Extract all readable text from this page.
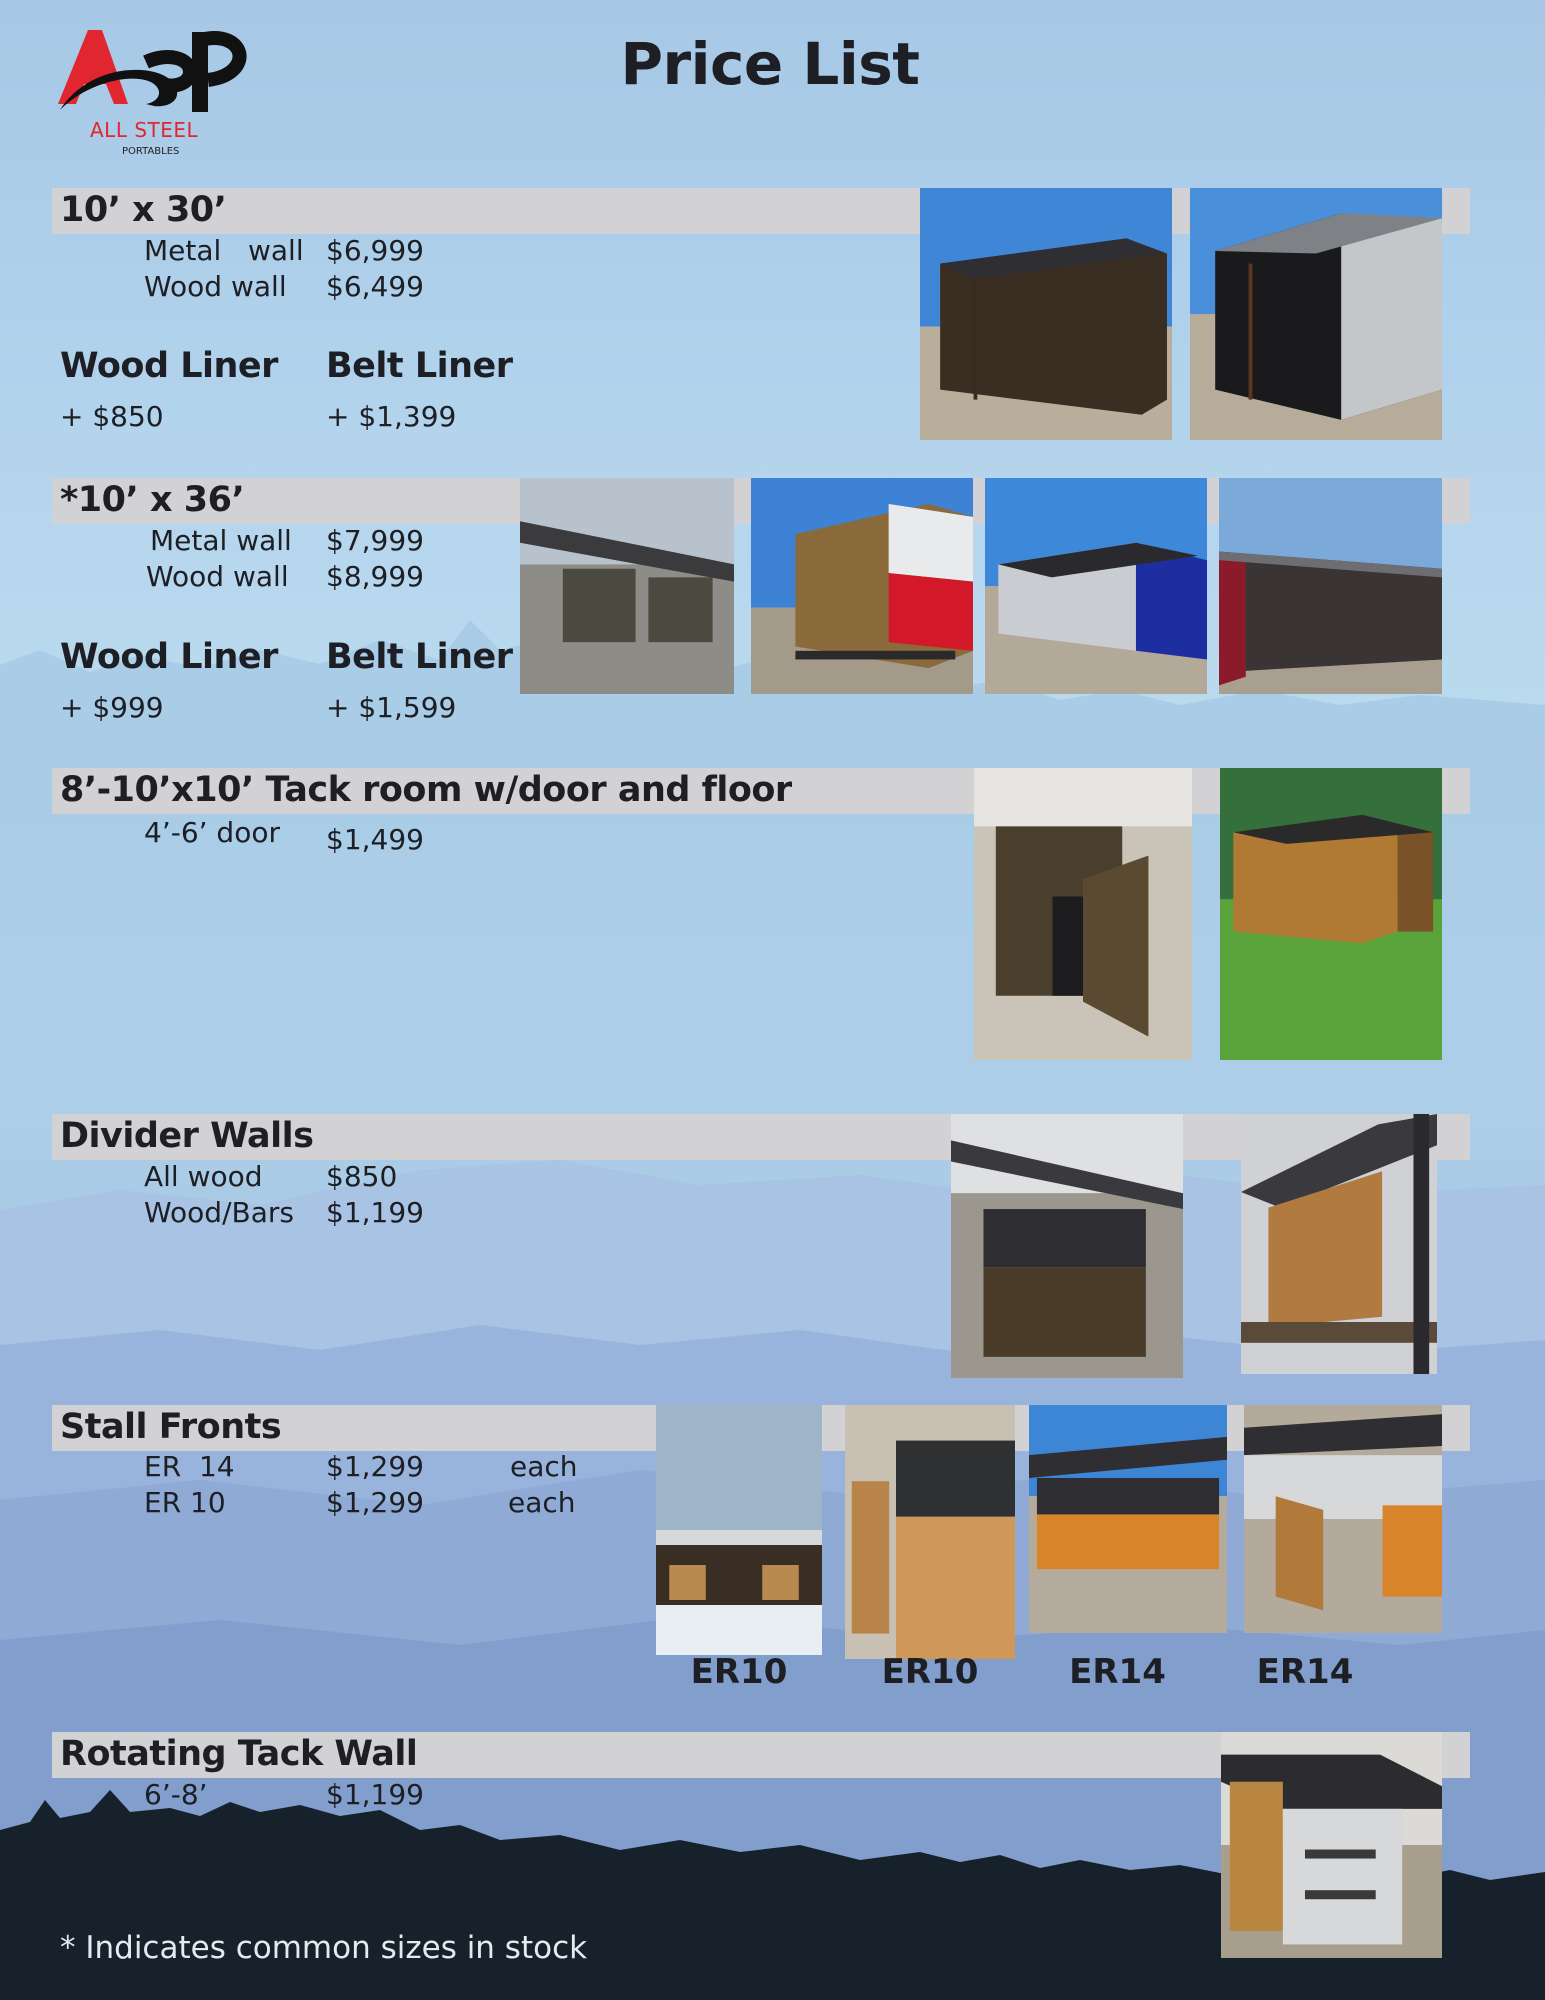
ALL STEEL
PORTABLES
Price List
10’ x 30’
Metal   wall $6,999
Wood wall $6,499
Wood Liner Belt Liner
+ $850	+ $1,399
*10’ x 36’
Metal wall $7,999
Wood wall $8,999
Wood Liner Belt Liner
+ $999	+ $1,599
8’-10’x10’ Tack room w/door and floor
4’-6’ door $1,499
Divider Walls
All wood $850
Wood/Bars $1,199
Stall Fronts
ER  14	$1,299	each
ER 10	$1,299	each
ER10	ER10	ER14	ER14
Rotating Tack Wall
6’-8’	$1,199
* Indicates common sizes in stock
